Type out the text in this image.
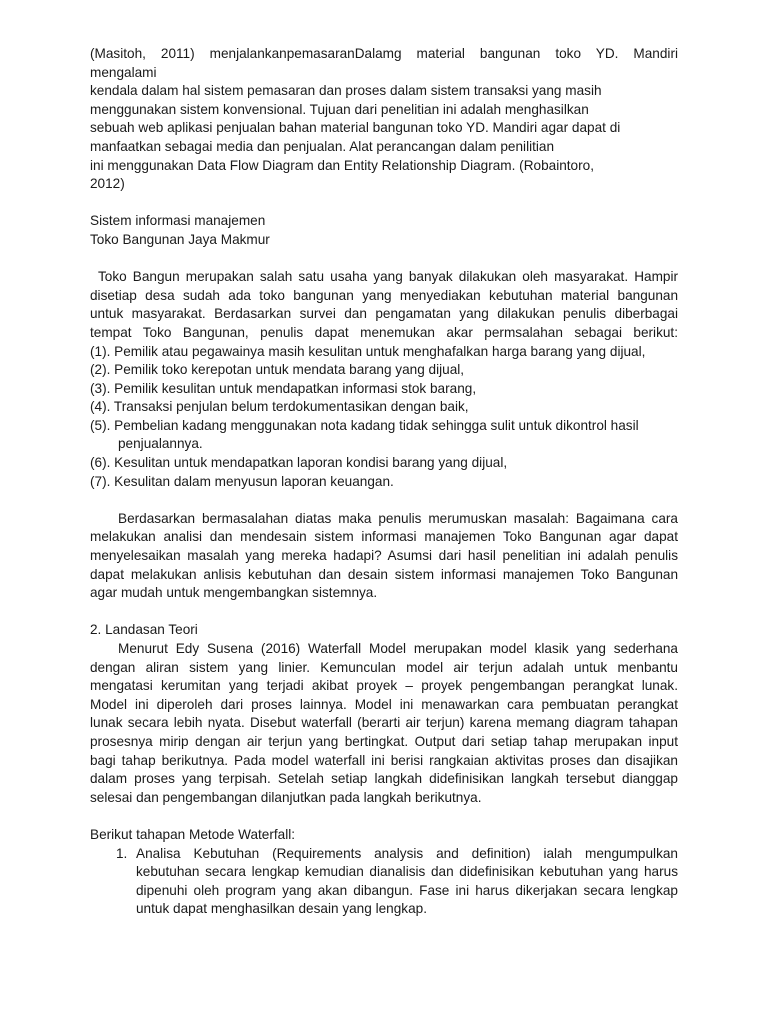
(Masitoh, 2011) menjalankanpemasaranDalamg material bangunan toko YD. Mandiri
mengalami
kendala dalam hal sistem pemasaran dan proses dalam sistem transaksi yang masih
menggunakan sistem konvensional. Tujuan dari penelitian ini adalah menghasilkan
sebuah web aplikasi penjualan bahan material bangunan toko YD. Mandiri agar dapat di
manfaatkan sebagai media dan penjualan. Alat perancangan dalam penilitian
ini menggunakan Data Flow Diagram dan Entity Relationship Diagram. (Robaintoro,
2012)
Sistem informasi manajemen
Toko Bangunan Jaya Makmur
Toko Bangun merupakan salah satu usaha yang banyak dilakukan oleh masyarakat. Hampir
disetiap desa sudah ada toko bangunan yang menyediakan kebutuhan material bangunan
untuk masyarakat. Berdasarkan survei dan pengamatan yang dilakukan penulis diberbagai
tempat Toko Bangunan, penulis dapat menemukan akar permsalahan sebagai berikut:
(1). Pemilik atau pegawainya masih kesulitan untuk menghafalkan harga barang yang dijual,
(2). Pemilik toko kerepotan untuk mendata barang yang dijual,
(3). Pemilik kesulitan untuk mendapatkan informasi stok barang,
(4). Transaksi penjulan belum terdokumentasikan dengan baik,
(5). Pembelian kadang menggunakan nota kadang tidak sehingga sulit untuk dikontrol hasil
penjualannya.
(6). Kesulitan untuk mendapatkan laporan kondisi barang yang dijual,
(7). Kesulitan dalam menyusun laporan keuangan.
Berdasarkan bermasalahan diatas maka penulis merumuskan masalah: Bagaimana cara
melakukan analisi dan mendesain sistem informasi manajemen Toko Bangunan agar dapat
menyelesaikan masalah yang mereka hadapi? Asumsi dari hasil penelitian ini adalah penulis
dapat melakukan anlisis kebutuhan dan desain sistem informasi manajemen Toko Bangunan
agar mudah untuk mengembangkan sistemnya.
2. Landasan Teori
Menurut Edy Susena (2016) Waterfall Model merupakan model klasik yang sederhana
dengan aliran sistem yang linier. Kemunculan model air terjun adalah untuk menbantu
mengatasi kerumitan yang terjadi akibat proyek – proyek pengembangan perangkat lunak.
Model ini diperoleh dari proses lainnya. Model ini menawarkan cara pembuatan perangkat
lunak secara lebih nyata. Disebut waterfall (berarti air terjun) karena memang diagram tahapan
prosesnya mirip dengan air terjun yang bertingkat. Output dari setiap tahap merupakan input
bagi tahap berikutnya. Pada model waterfall ini berisi rangkaian aktivitas proses dan disajikan
dalam proses yang terpisah. Setelah setiap langkah didefinisikan langkah tersebut dianggap
selesai dan pengembangan dilanjutkan pada langkah berikutnya.
Berikut tahapan Metode Waterfall:
1. Analisa Kebutuhan (Requirements analysis and definition) ialah mengumpulkan
kebutuhan secara lengkap kemudian dianalisis dan didefinisikan kebutuhan yang harus
dipenuhi oleh program yang akan dibangun. Fase ini harus dikerjakan secara lengkap
untuk dapat menghasilkan desain yang lengkap.
